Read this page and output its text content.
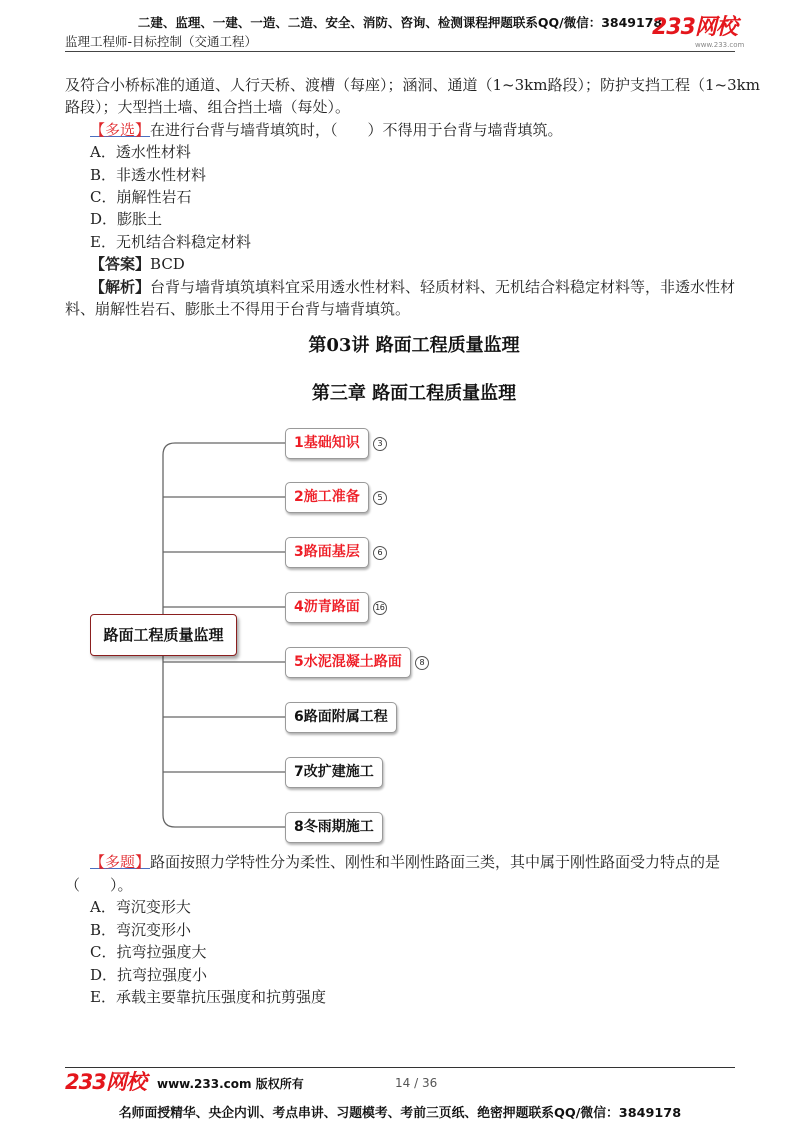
二建、监理、一建、一造、二造、安全、消防、咨询、检测课程押题联系QQ/微信：3849178
监理工程师-目标控制（交通工程）
233网校
www.233.com
及符合小桥标准的通道、人行天桥、渡槽（每座）；涵洞、通道（1~3km路段）；防护支挡工程（1~3km
路段）；大型挡土墙、组合挡土墙（每处）。
【多选】在进行台背与墙背填筑时，（　　）不得用于台背与墙背填筑。
A．透水性材料
B．非透水性材料
C．崩解性岩石
D．膨胀土
E．无机结合料稳定材料
【答案】BCD
【解析】台背与墙背填筑填料宜采用透水性材料、轻质材料、无机结合料稳定材料等，非透水性材
料、崩解性岩石、膨胀土不得用于台背与墙背填筑。
第03讲 路面工程质量监理
第三章 路面工程质量监理
路面工程质量监理
1基础知识	3
2施工准备	5
3路面基层	6
4沥青路面	16
5水泥混凝土路面	8
6路面附属工程
7改扩建施工
8冬雨期施工
【多题】路面按照力学特性分为柔性、刚性和半刚性路面三类，其中属于刚性路面受力特点的是
（　　）。
A．弯沉变形大
B．弯沉变形小
C．抗弯拉强度大
D．抗弯拉强度小
E．承载主要靠抗压强度和抗剪强度
233网校 www.233.com 版权所有	14 / 36
名师面授精华、央企内训、考点串讲、习题模考、考前三页纸、绝密押题联系QQ/微信：3849178
